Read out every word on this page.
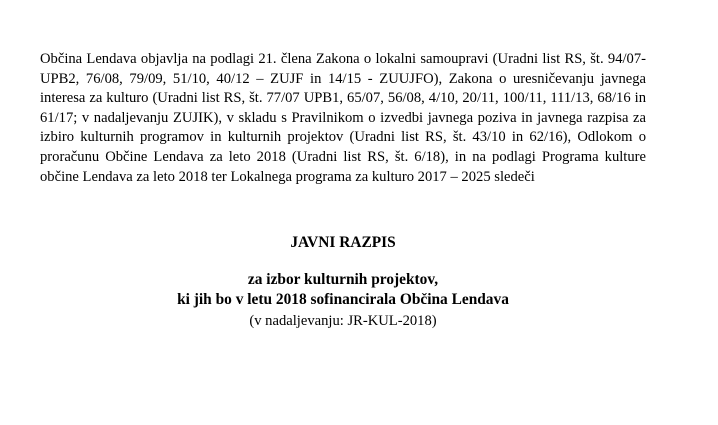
Občina Lendava objavlja na podlagi 21. člena Zakona o lokalni samoupravi (Uradni list RS, št. 94/07-UPB2, 76/08, 79/09, 51/10, 40/12 – ZUJF in 14/15 - ZUUJFO), Zakona o uresničevanju javnega interesa za kulturo (Uradni list RS, št. 77/07 UPB1, 65/07, 56/08, 4/10, 20/11, 100/11, 111/13, 68/16 in 61/17; v nadaljevanju ZUJIK), v skladu s Pravilnikom o izvedbi javnega poziva in javnega razpisa za izbiro kulturnih programov in kulturnih projektov (Uradni list RS, št. 43/10 in 62/16), Odlokom o proračunu Občine Lendava za leto 2018 (Uradni list RS, št. 6/18), in na podlagi Programa kulture občine Lendava za leto 2018 ter Lokalnega programa za kulturo 2017 – 2025 sledeči

JAVNI RAZPIS
za izbor kulturnih projektov,
ki jih bo v letu 2018 sofinancirala Občina Lendava
(v nadaljevanju: JR-KUL-2018)
